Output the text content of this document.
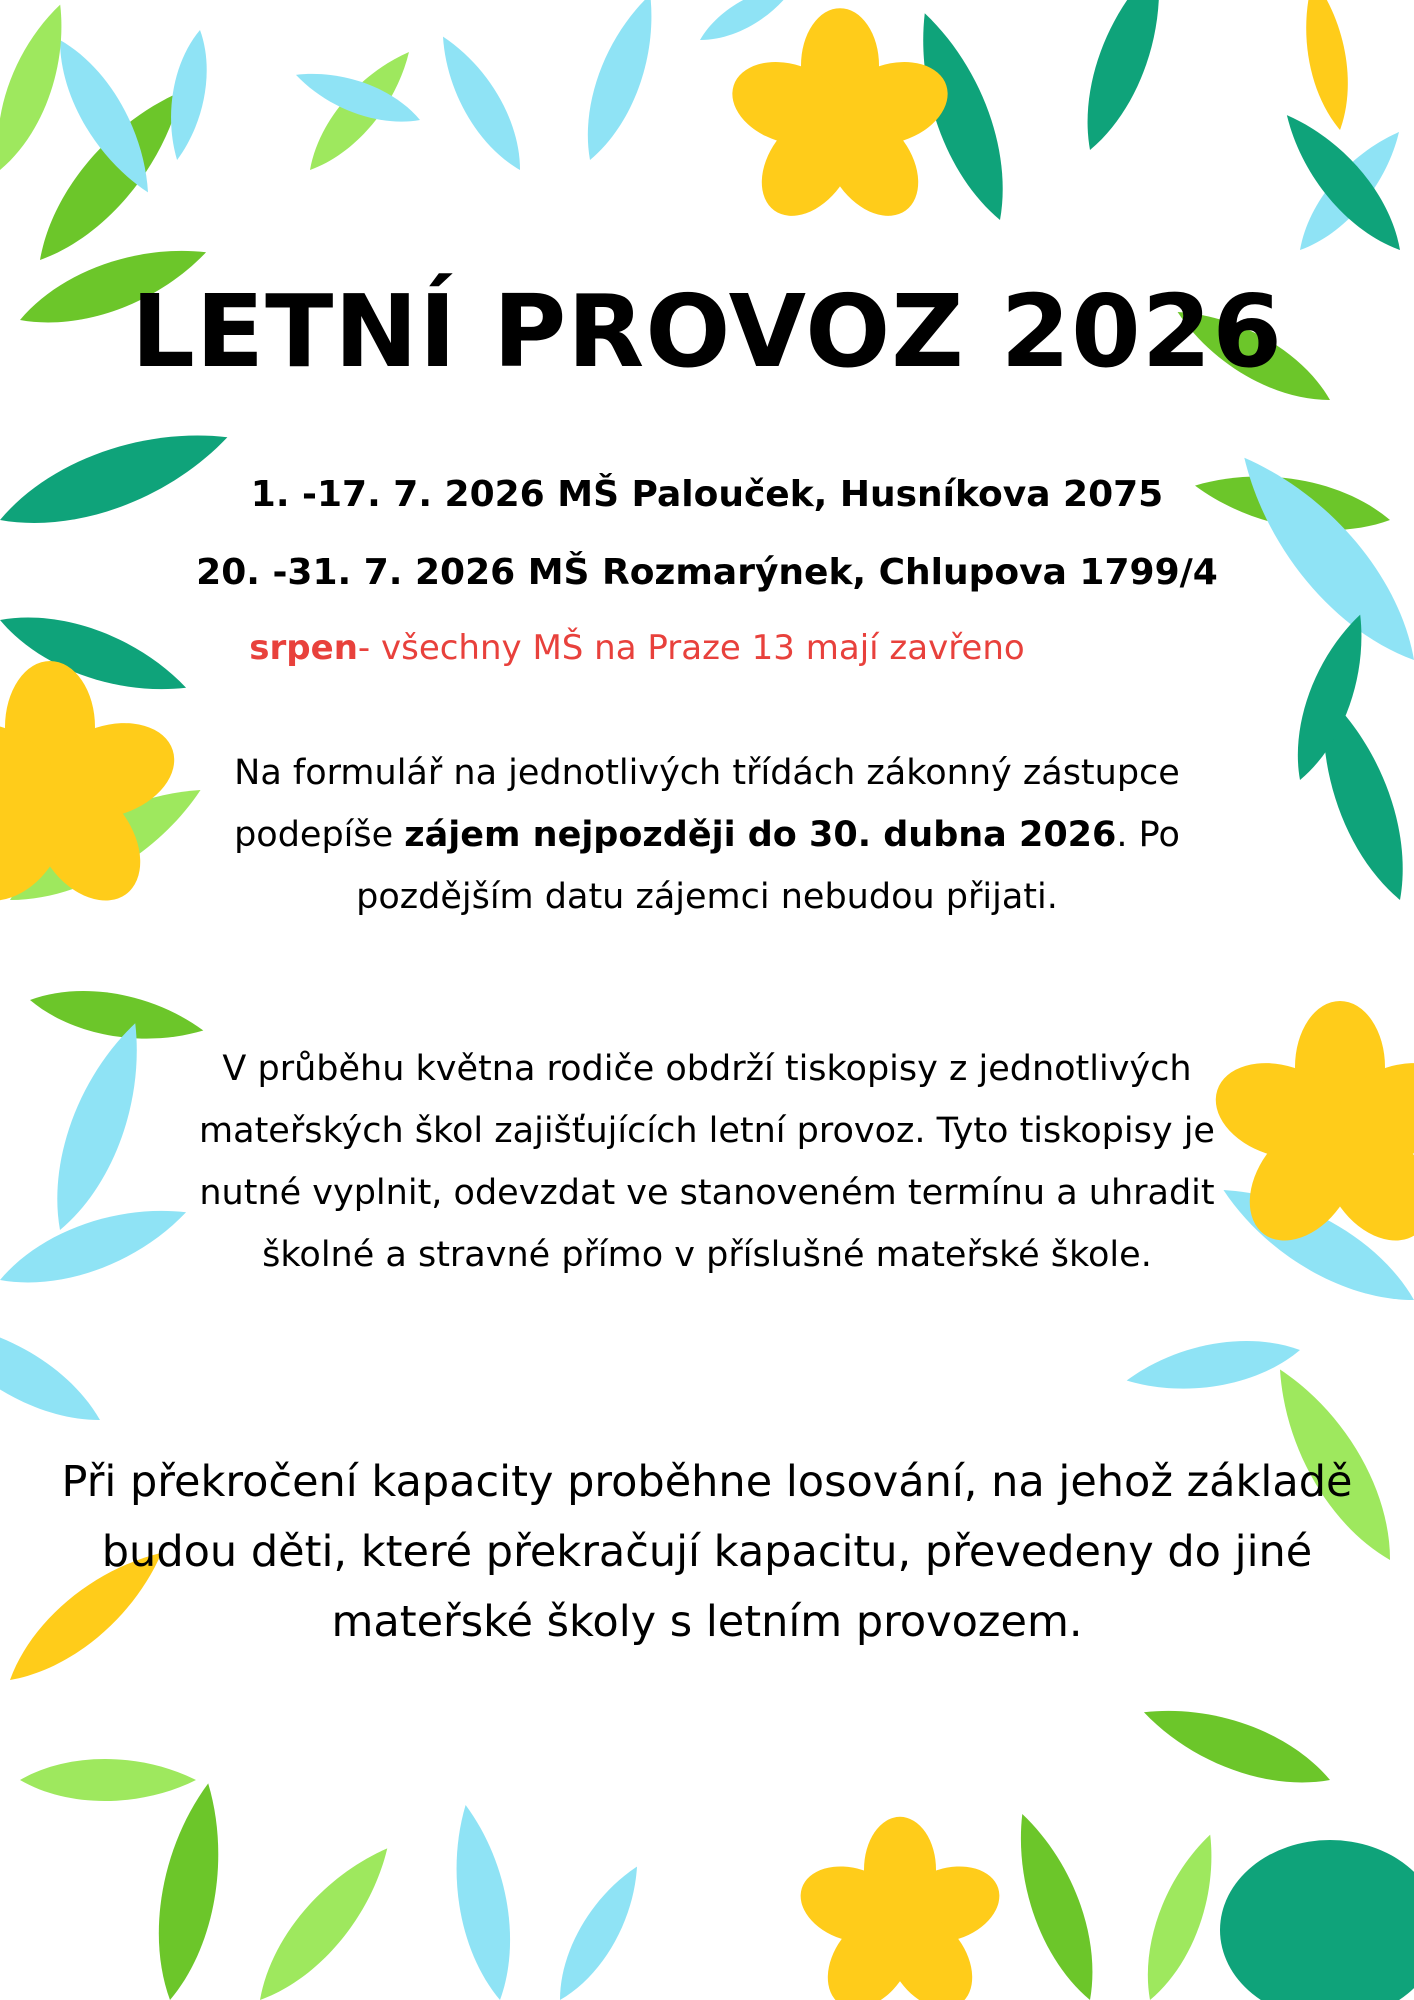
LETNÍ PROVOZ 2026
1. -17. 7. 2026 MŠ Palouček, Husníkova 2075
20. -31. 7. 2026 MŠ Rozmarýnek, Chlupova 1799/4
srpen- všechny MŠ na Praze 13 mají zavřeno

Na formulář na jednotlivých třídách zákonný zástupce podepíše zájem nejpozději do 30. dubna 2026. Po pozdějším datu zájemci nebudou přijati.

V průběhu května rodiče obdrží tiskopisy z jednotlivých mateřských škol zajišťujících letní provoz. Tyto tiskopisy je nutné vyplnit, odevzdat ve stanoveném termínu a uhradit školné a stravné přímo v příslušné mateřské škole.

Při překročení kapacity proběhne losování, na jehož základě budou děti, které překračují kapacitu, převedeny do jiné mateřské školy s letním provozem.
